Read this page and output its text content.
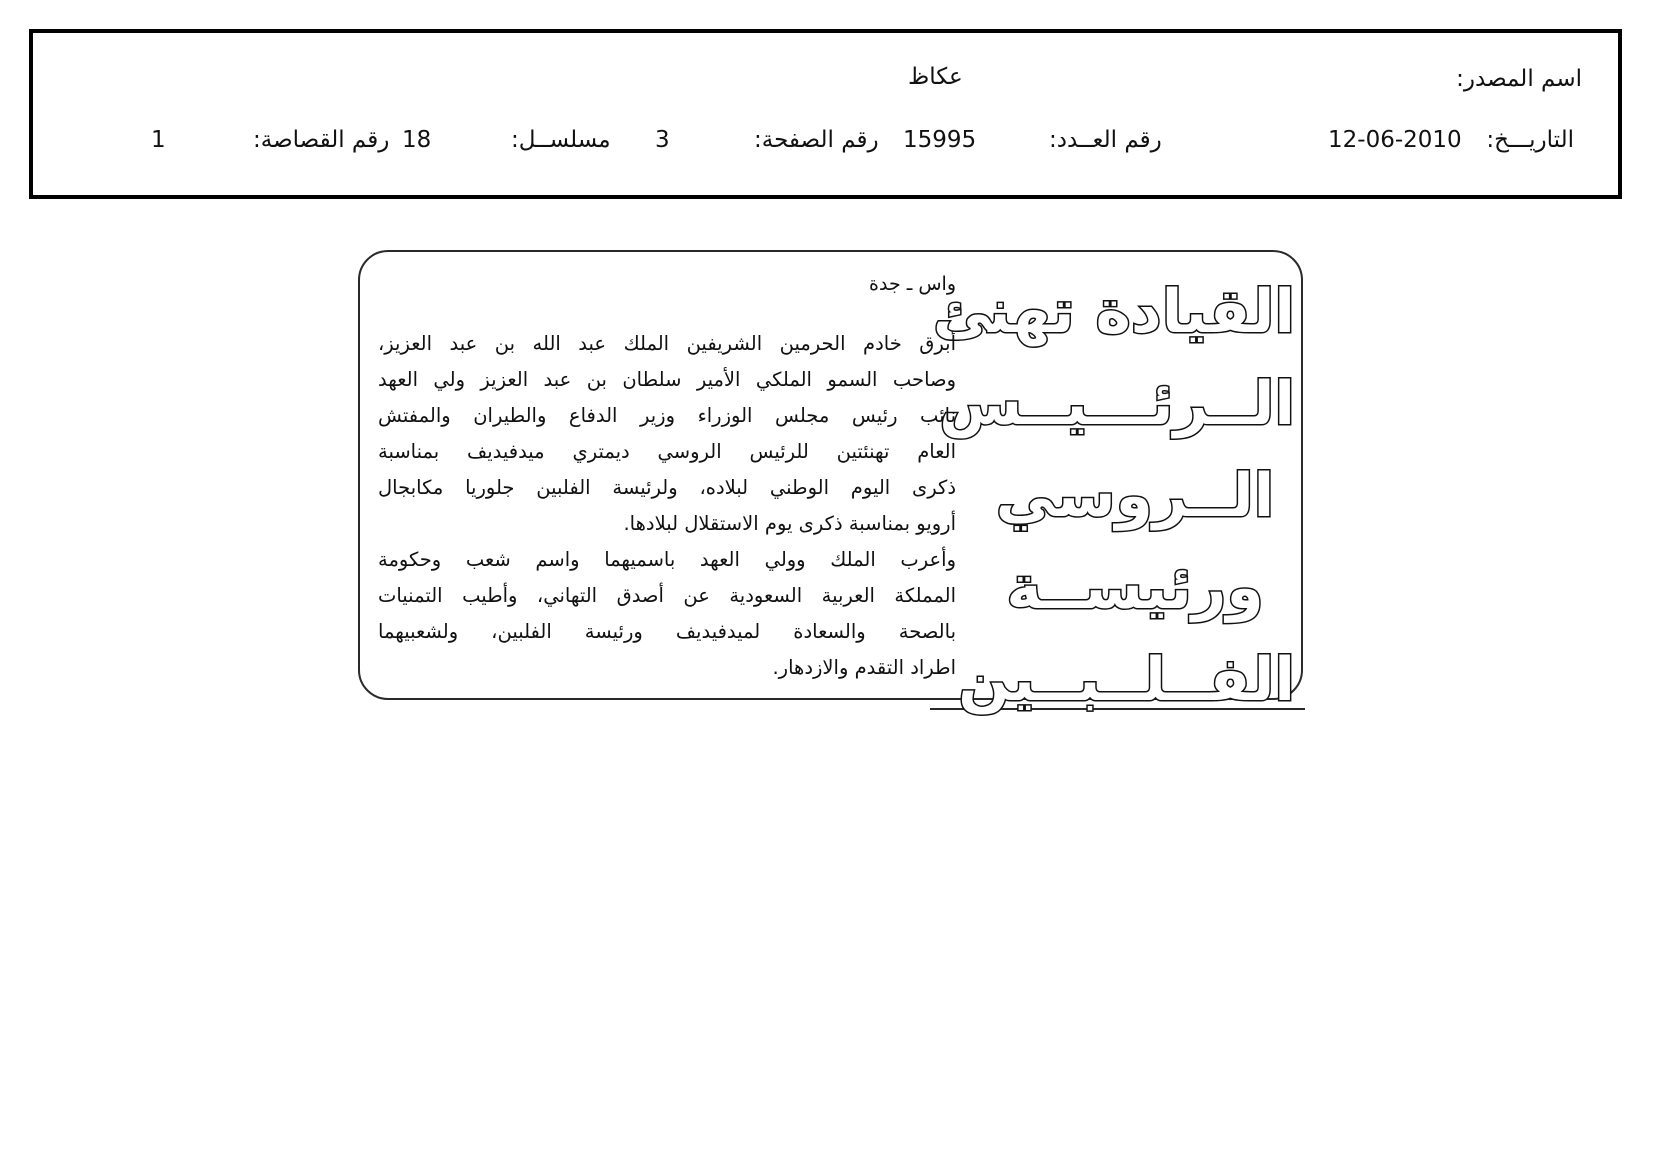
اسم المصدر:
عكاظ
التاريـــخ:
12-06-2010
رقم العــدد:
15995
رقم الصفحة:
3
مسلســل:
18
رقم القصاصة:
1
القيادة تهنئ
الــرئـــيــس
الــروسي
ورئيســة
الفــلــبــين
واس ـ جدة
أبرق خادم الحرمين الشريفين الملك عبد الله بن عبد العزيز،
وصاحب السمو الملكي الأمير سلطان بن عبد العزيز ولي العهد
نائب رئيس مجلس الوزراء وزير الدفاع والطيران والمفتش
العام تهنئتين للرئيس الروسي ديمتري ميدفيديف بمناسبة
ذكرى اليوم الوطني لبلاده، ولرئيسة الفلبين جلوريا مكابجال
أرويو بمناسبة ذكرى يوم الاستقلال لبلادها.
وأعرب الملك وولي العهد باسميهما واسم شعب وحكومة
المملكة العربية السعودية عن أصدق التهاني، وأطيب التمنيات
بالصحة والسعادة لميدفيديف ورئيسة الفلبين، ولشعبيهما
اطراد التقدم والازدهار.
